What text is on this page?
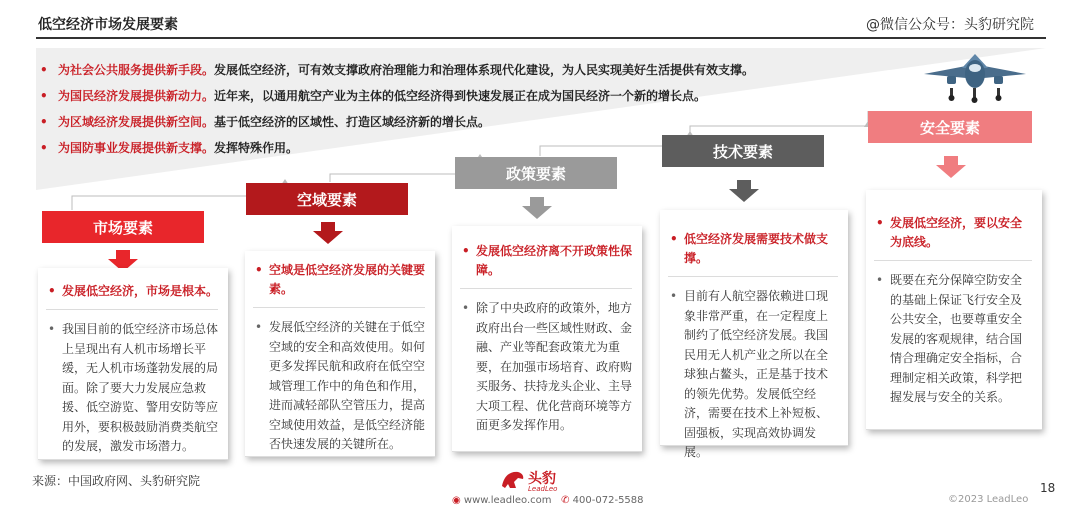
低空经济市场发展要素	@微信公众号：头豹研究院
• 为社会公共服务提供新手段。发展低空经济，可有效支撑政府治理能力和治理体系现代化建设，为人民实现美好生活提供有效支撑。
• 为国民经济发展提供新动力。近年来，以通用航空产业为主体的低空经济得到快速发展正在成为国民经济一个新的增长点。
• 为区域经济发展提供新空间。基于低空经济的区域性、打造区域经济新的增长点。
• 为国防事业发展提供新支撑。发挥特殊作用。
市场要素
• 发展低空经济，市场是根本。
• 我国目前的低空经济市场总体上呈现出有人机市场增长平缓，无人机市场蓬勃发展的局面。除了要大力发展应急救援、低空游览、警用安防等应用外，要积极鼓励消费类航空的发展，激发市场潜力。
空域要素
• 空域是低空经济发展的关键要素。
• 发展低空经济的关键在于低空空域的安全和高效使用。如何更多发挥民航和政府在低空空域管理工作中的角色和作用，进而减轻部队空管压力，提高空域使用效益，是低空经济能否快速发展的关键所在。
政策要素
• 发展低空经济离不开政策性保障。
• 除了中央政府的政策外，地方政府出台一些区域性财政、金融、产业等配套政策尤为重要，在加强市场培育、政府购买服务、扶持龙头企业、主导大项工程、优化营商环境等方面更多发挥作用。
技术要素
• 低空经济发展需要技术做支撑。
• 目前有人航空器依赖进口现象非常严重，在一定程度上制约了低空经济发展。我国民用无人机产业之所以在全球独占鳌头，正是基于技术的领先优势。发展低空经济，需要在技术上补短板、固强板，实现高效协调发展。
安全要素
• 发展低空经济，要以安全为底线。
• 既要在充分保障空防安全的基础上保证飞行安全及公共安全，也要尊重安全发展的客观规律，结合国情合理确定安全指标，合理制定相关政策，科学把握发展与安全的关系。
来源：中国政府网、头豹研究院	头豹
LeadLeo
◉ www.leadleo.com ✆ 400-072-5588
18
©2023 LeadLeo
